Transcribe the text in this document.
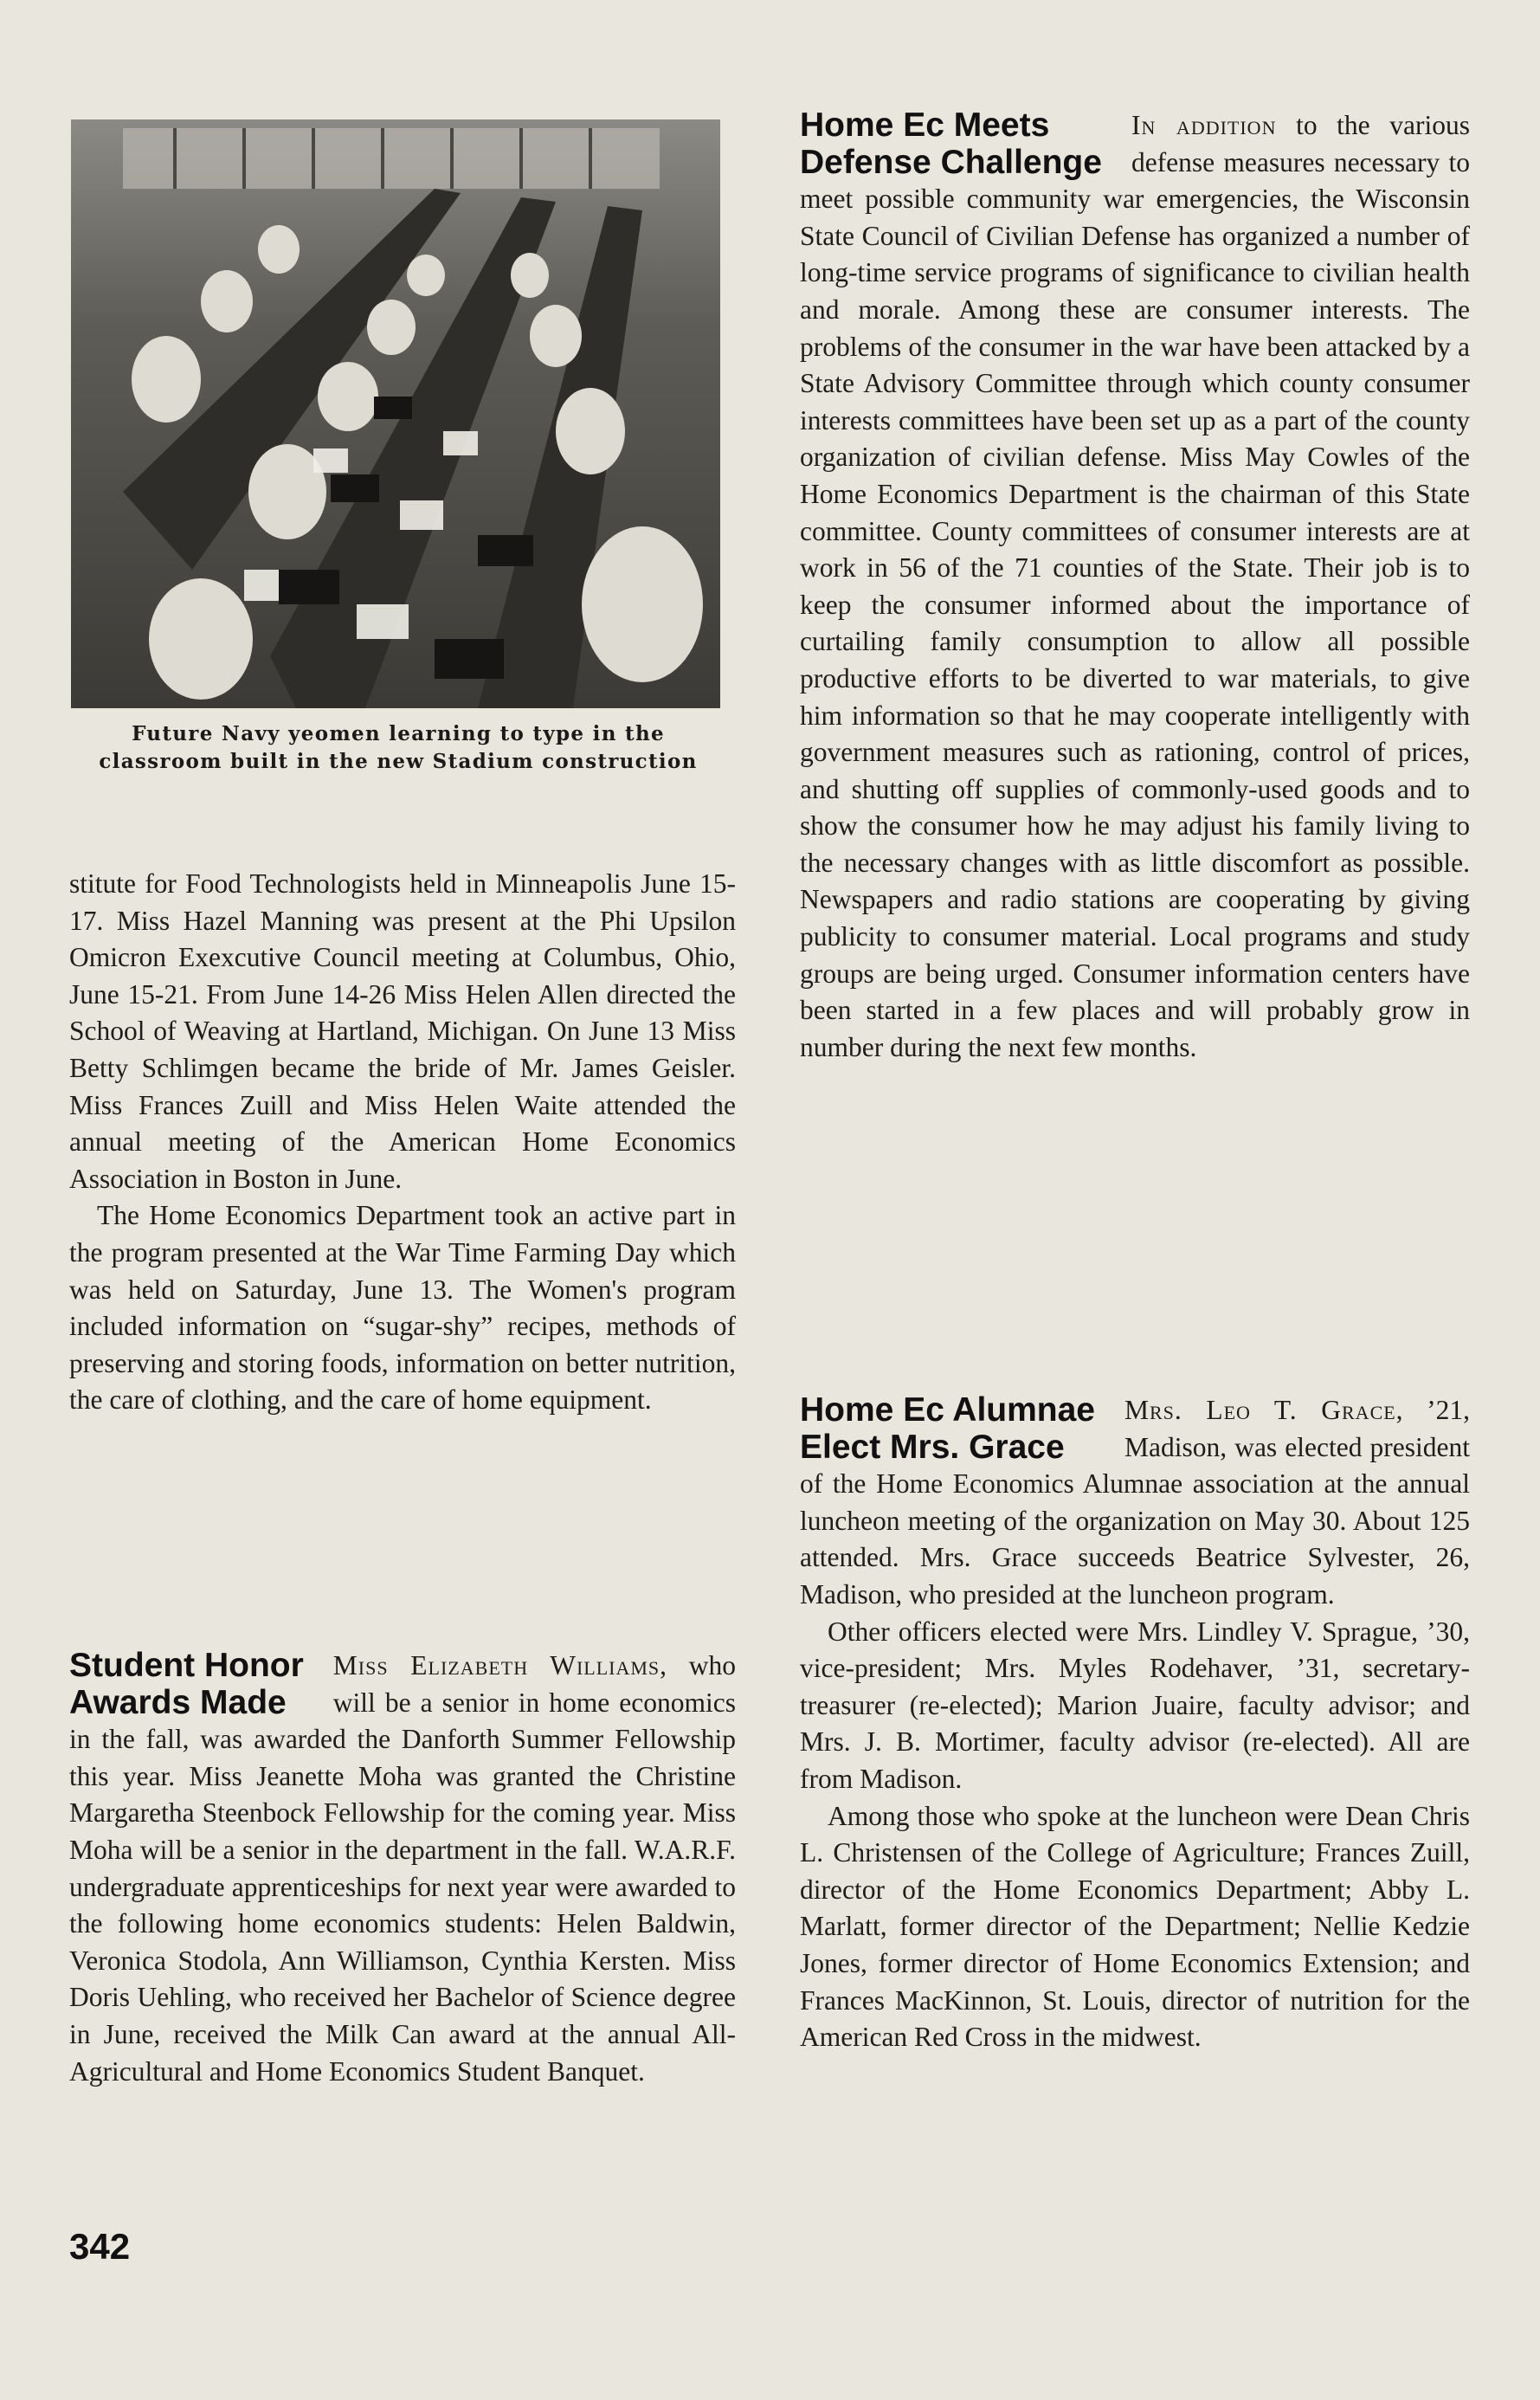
Future Navy yeomen learning to type in the classroom built in the new Stadium construction

stitute for Food Technologists held in Minneapolis June 15-17. Miss Hazel Manning was present at the Phi Upsilon Omicron Exexcutive Council meeting at Columbus, Ohio, June 15-21. From June 14-26 Miss Helen Allen directed the School of Weaving at Hartland, Michigan. On June 13 Miss Betty Schlimgen became the bride of Mr. James Geisler. Miss Frances Zuill and Miss Helen Waite attended the annual meeting of the American Home Economics Association in Boston in June.

The Home Economics Department took an active part in the program presented at the War Time Farming Day which was held on Saturday, June 13. The Women's program included information on “sugar-shy” recipes, methods of preserving and storing foods, information on better nutrition, the care of clothing, and the care of home equipment.

Student Honor
Awards Made

Miss Elizabeth Williams, who will be a senior in home economics in the fall, was awarded the Danforth Summer Fellowship this year. Miss Jeanette Moha was granted the Christine Margaretha Steenbock Fellowship for the coming year. Miss Moha will be a senior in the department in the fall. W.A.R.F. undergraduate apprenticeships for next year were awarded to the following home economics students: Helen Baldwin, Veronica Stodola, Ann Williamson, Cynthia Kersten. Miss Doris Uehling, who received her Bachelor of Science degree in June, received the Milk Can award at the annual All-Agricultural and Home Economics Student Banquet.

Home Ec Meets
Defense Challenge

In addition to the various defense measures necessary to meet possible community war emergencies, the Wisconsin State Council of Civilian Defense has organized a number of long-time service programs of significance to civilian health and morale. Among these are consumer interests. The problems of the consumer in the war have been attacked by a State Advisory Committee through which county consumer interests committees have been set up as a part of the county organization of civilian defense. Miss May Cowles of the Home Economics Department is the chairman of this State committee. County committees of consumer interests are at work in 56 of the 71 counties of the State. Their job is to keep the consumer informed about the importance of curtailing family consumption to allow all possible productive efforts to be diverted to war materials, to give him information so that he may cooperate intelligently with government measures such as rationing, control of prices, and shutting off supplies of commonly-used goods and to show the consumer how he may adjust his family living to the necessary changes with as little discomfort as possible. Newspapers and radio stations are cooperating by giving publicity to consumer material. Local programs and study groups are being urged. Consumer information centers have been started in a few places and will probably grow in number during the next few months.

Home Ec Alumnae
Elect Mrs. Grace

Mrs. Leo T. Grace, ’21, Madison, was elected president of the Home Economics Alumnae association at the annual luncheon meeting of the organization on May 30. About 125 attended. Mrs. Grace succeeds Beatrice Sylvester, 26, Madison, who presided at the luncheon program.

Other officers elected were Mrs. Lindley V. Sprague, ’30, vice-president; Mrs. Myles Rodehaver, ’31, secretary-treasurer (re-elected); Marion Juaire, faculty advisor; and Mrs. J. B. Mortimer, faculty advisor (re-elected). All are from Madison.

Among those who spoke at the luncheon were Dean Chris L. Christensen of the College of Agriculture; Frances Zuill, director of the Home Economics Department; Abby L. Marlatt, former director of the Department; Nellie Kedzie Jones, former director of Home Economics Extension; and Frances MacKinnon, St. Louis, director of nutrition for the American Red Cross in the midwest.

342
